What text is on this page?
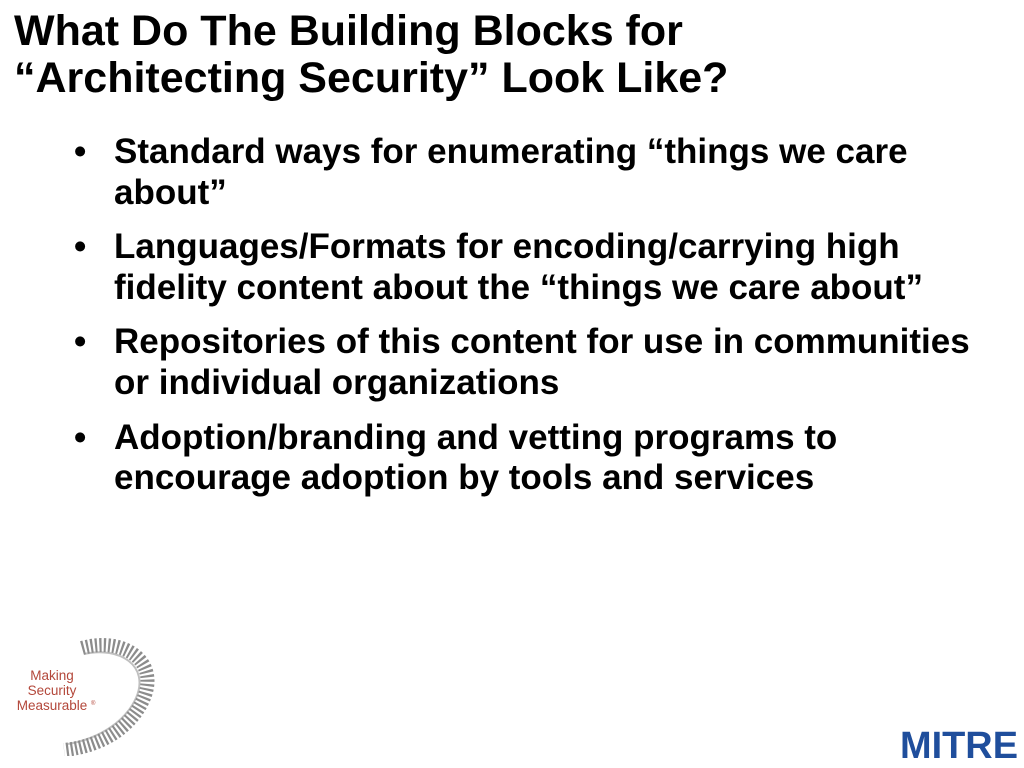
What Do The Building Blocks for
“Architecting Security” Look Like?
• Standard ways for enumerating “things we care about”
• Languages/Formats for encoding/carrying high fidelity content about the “things we care about”
• Repositories of this content for use in communities or individual organizations
• Adoption/branding and vetting programs to encourage adoption by tools and services
Making
Security
Measurable ®
MITRE
